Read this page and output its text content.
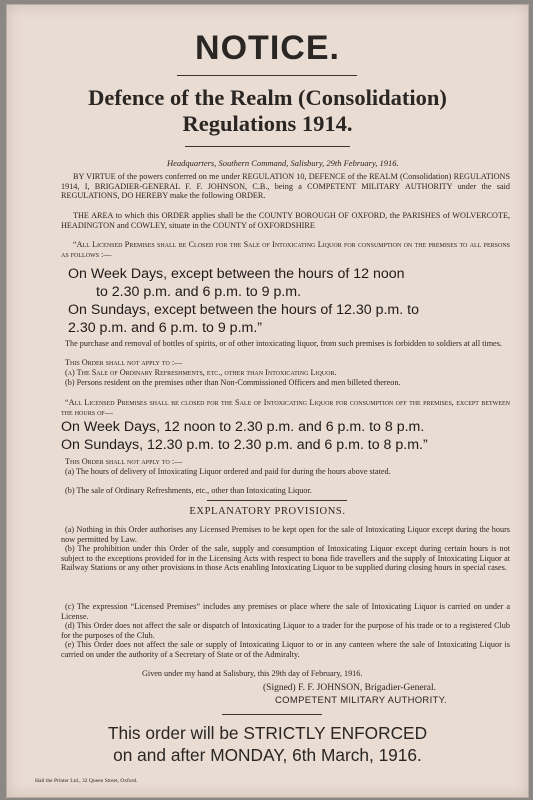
NOTICE.
Defence of the Realm (Consolidation)
Regulations 1914.
Headquarters, Southern Command, Salisbury, 29th February, 1916.
BY VIRTUE of the powers conferred on me under REGULATION 10, DEFENCE of the REALM (Consolidation) REGULATIONS 1914, I, BRIGADIER-GENERAL F. F. JOHNSON, C.B., being a COMPETENT MILITARY AUTHORITY under the said REGULATIONS, DO HEREBY make the following ORDER.
THE AREA to which this ORDER applies shall be the COUNTY BOROUGH OF OXFORD, the PARISHES of WOLVERCOTE, HEADINGTON and COWLEY, situate in the COUNTY of OXFORDSHIRE
“All Licensed Premises shall be Closed for the Sale of Intoxicating Liquor for consumption on the premises to all persons as follows :—
On Week Days, except between the hours of 12 noon
to 2.30 p.m. and 6 p.m. to 9 p.m.
On Sundays, except between the hours of 12.30 p.m. to
2.30 p.m. and 6 p.m. to 9 p.m.”
The purchase and removal of bottles of spirits, or of other intoxicating liquor, from such premises is forbidden to soldiers at all times.
This Order shall not apply to :—
(a) The Sale of Ordinary Refreshments, etc., other than Intoxicating Liquor.
(b) Persons resident on the premises other than Non-Commissioned Officers and men billeted thereon.
“All Licensed Premises shall be closed for the Sale of Intoxicating Liquor for consumption off the premises, except between the hours of—
On Week Days, 12 noon to 2.30 p.m. and 6 p.m. to 8 p.m.
On Sundays, 12.30 p.m. to 2.30 p.m. and 6 p.m. to 8 p.m.”
This Order shall not apply to :—
(a) The hours of delivery of Intoxicating Liquor ordered and paid for during the hours above stated.
(b) The sale of Ordinary Refreshments, etc., other than Intoxicating Liquor.
EXPLANATORY PROVISIONS.
(a) Nothing in this Order authorises any Licensed Premises to be kept open for the sale of Intoxicating Liquor except during the hours now permitted by Law.
(b) The prohibition under this Order of the sale, supply and consumption of Intoxicating Liquor except during certain hours is not subject to the exceptions provided for in the Licensing Acts with respect to bona fide travellers and the supply of Intoxicating Liquor at Railway Stations or any other provisions in those Acts enabling Intoxicating Liquor to be supplied during closing hours in special cases.
(c) The expression “Licensed Premises” includes any premises or place where the sale of Intoxicating Liquor is carried on under a License.
(d) This Order does not affect the sale or dispatch of Intoxicating Liquor to a trader for the purpose of his trade or to a registered Club for the purposes of the Club.
(e) This Order does not affect the sale or supply of Intoxicating Liquor to or in any canteen where the sale of Intoxicating Liquor is carried on under the authority of a Secretary of State or of the Admiralty.
Given under my hand at Salisbury, this 29th day of February, 1916.
(Signed) F. F. JOHNSON, Brigadier-General.
COMPETENT MILITARY AUTHORITY.
This order will be STRICTLY ENFORCED
on and after MONDAY, 6th March, 1916.
Hall the Printer Ltd., 32 Queen Street, Oxford.
